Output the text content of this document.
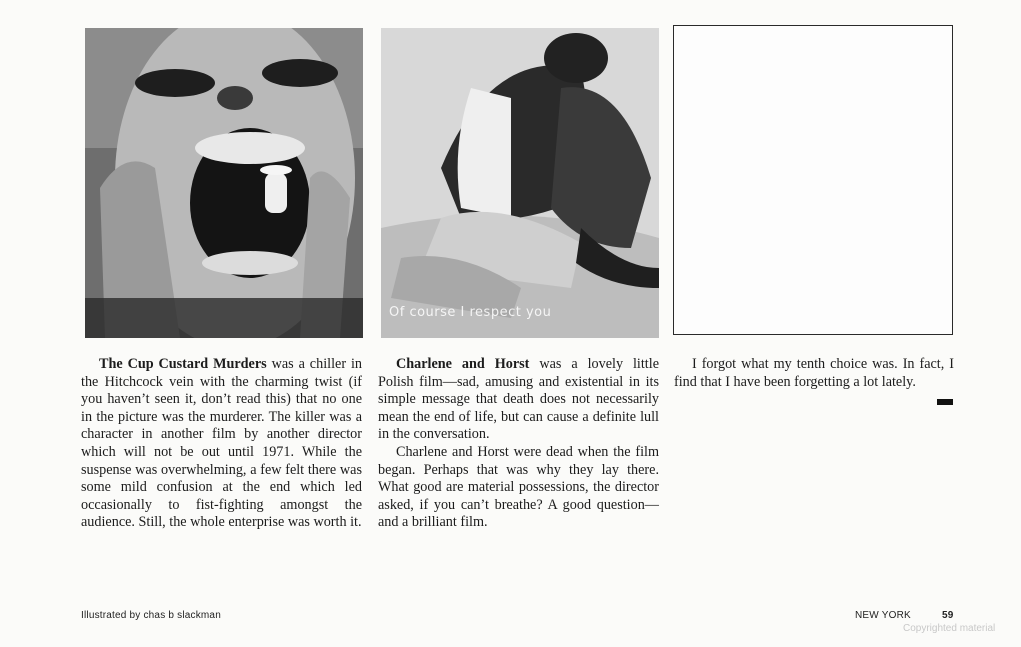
Of course I respect you

The Cup Custard Murders was a chiller in the Hitchcock vein with the charming twist (if you haven’t seen it, don’t read this) that no one in the picture was the murderer. The killer was a character in another film by another director which will not be out until 1971. While the suspense was overwhelming, a few felt there was some mild confusion at the end which led occasionally to fist-fighting amongst the audience. Still, the whole enterprise was worth it.

Charlene and Horst was a lovely little Polish film—sad, amusing and existential in its simple message that death does not necessarily mean the end of life, but can cause a definite lull in the conversation.

Charlene and Horst were dead when the film began. Perhaps that was why they lay there. What good are material possessions, the director asked, if you can’t breathe? A good question—and a brilliant film.

I forgot what my tenth choice was. In fact, I find that I have been forgetting a lot lately.

Illustrated by chas b slackman	NEW YORK	59
Copyrighted material
